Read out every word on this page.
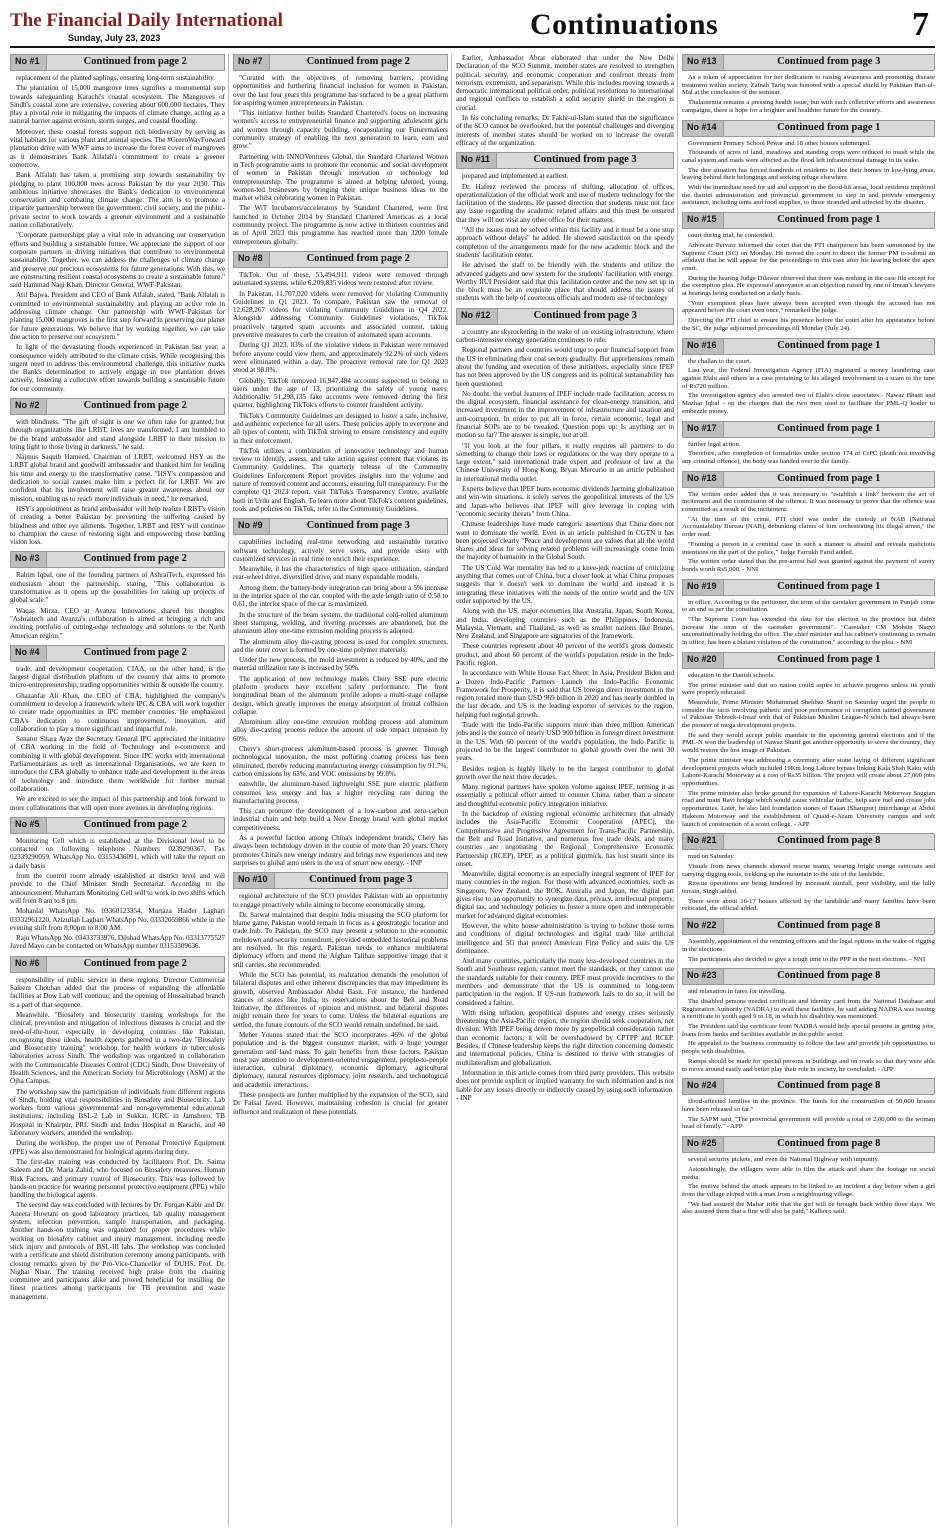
The Financial Daily International
Sunday, July 23, 2023	Continuations	7
No #1	Continued from page 2

replacement of the planted saplings, ensuring long-term sustainability.

The plantation of 15,000 mangrove trees signifies a monumental step towards safeguarding Karachi's coastal ecosystem. The Mangroves of Sindh's coastal zone are extensive, covering about 600,000 hectares. They play a pivotal role in mitigating the impacts of climate change, acting as a natural barrier against erosion, storm surges, and coastal flooding.

Moreover, these coastal forests support rich biodiversity by serving as vital habitats for various plant and animal species. The #GreenWayForward plantation drive with WWF aims to increase the forest cover of mangroves as it demonstrates Bank Alfalah's commitment to create a greener tomorrow.

Bank Alfalah has taken a promising step towards sustainability by pledging to plant 100,000 trees across Pakistan by the year 2030. This ambitious initiative showcases the Bank's dedication to environmental conservation and combating climate change. The aim is to promote a tripartite partnership between the government, civil society, and the public-private sector to work towards a greener environment and a sustainable nation collaboratively.

"Corporate partnerships play a vital role in advancing our conservation efforts and building a sustainable future. We appreciate the support of our corporate partners in driving initiatives that contribute to environmental sustainability. Together, we can address the challenges of climate change and preserve our precious ecosystems for future generations. With this, we are constructing resilient coastal ecosystems to create a sustainable future." said Hammad Naqi Khan, Director General, WWF-Pakistan.

Atif Bajwa, President and CEO of Bank Alfalah, stated, "Bank Alfalah is committed to environmental sustainability and playing an active role in addressing climate change. Our partnership with WWF-Pakistan for planting 15,000 mangroves is the first step forward in preserving our planet for future generations. We believe that by working together, we can take due action to preserve our ecosystem."

In light of the devastating floods experienced in Pakistan last year, a consequence widely attributed to the climate crisis. While recognising this urgent need to address this environmental challenge, this initiative marks the Bank's determination to actively engage in tree plantation drives actively, fostering a collective effort towards building a sustainable future for our community.

No #2	Continued from page 2

with blindness. "The gift of sight is one we often take for granted, but through organizations like LRBT, lives are transformed. I am humbled to be the brand ambassador and stand alongside LRBT in their mission to bring light to those living in darkness," he said.

Najmus Saquib Hameed, Chairman of LRBT, welcomed HSY as the LRBT global brand and goodwill ambassador and thanked him for lending his time and energy to the transformative cause. "HSY's compassion and dedication to social causes make him a perfect fit for LRBT. We are confident that his involvement will raise greater awareness about our mission, enabling us to reach more individuals in need," he remarked.

HSY's appointment as brand ambassador will help realize LRBT's vision of creating a better Pakistan by preventing the suffering caused by blindness and other eye ailments. Together, LRBT and HSY will continue to champion the cause of restoring sight and empowering those battling vision loss.

No #3	Continued from page 2

Rahim Iqbal, one of the founding partners of AshraiTech, expressed his enthusiasm about the partnership, stating, "This collaboration is transformative as it opens up the possibilities for taking up projects of global scale."

Waqas Mirza, CEO at Avanza Innovations shared his thoughts: "Ashraitech and Avanza's collaboration is aimed at bringing a rich and exciting portfolio of cutting-edge technology and solutions to the North American region."

No #4	Continued from page 2

trade, and development cooperation. CIAA, on the other hand, is the largest digital distribution platform of the country that aims to promote micro-entrepreneurship, trading opportunities within & outside the country.

Ghazanfar Ali Khan, the CEO of CBA, highlighted the company's commitment to develop a framework where IPC & CBA will work together to create trade opportunities in IPC member countries. He emphasized CBA's dedication to continuous improvement, innovation, and collaboration to play a more significant and impactful role.

Senator Sitara Ayaz the Secretary General IPC appreciated the initiative of CBA working in the field of Technology and e-commerce and combining it with global development. Since IPC works with international Parliamentarians as well as international Organisations, we are keen to introduce the CBA globally to enhance trade and development in the areas of technology and introduce them worldwide for further mutual collaboration.

We are excited to see the impact of this partnership and look forward to more collaborations that will open more avenues in developing regions.

No #5	Continued from page 2

Monitoring Cell which is established at the Divisional level to be contacted on following telephone Numbers 0239290367, Fax 02339290059, WhatsApp No. 03153436091, which will take the report on a daily basis

from the control room already established at district level and will provide to the Chief Minister Sindh Secretariat. According to the announcement, Muharram Monitoring Cell will to work in two shifts which will from 8 am to 8 pm.

Mohanlal WhatsApp No. 03360123354, Murtaza Haider Laghari 03332961220, Azizullah Laghari WhatsApp No. 03332059866 while in the evening shift from 8:00pm to 8:00 AM.

Raju WhatsApp No. 03433733976, Dilshad WhatsApp No. 03313775527 Javed Mayo can be contacted on WhatsApp number 03153309636.

No #6	Continued from page 2

responsibility of public service in these regions. Director Commercial Saleem Chouhan added that the process of expanding the affordable facilities at Dow Lab will continue, and the opening of Hussainabad branch is a part of that sequence.

Meanwhile, "Biosafety and biosecurity training workshops for the clinical, prevention and mitigation of infectious diseases is crucial and the need-of-the-hour, especially in developing countries like Pakistan, recognizing these ideals, health experts gathered in a two-day "Biosafety and Biosecurity training" workshop for health workers in tuberculosis laboratories across Sindh. The workshop was organized in collaboration with the Communicable Diseases Control (CDC) Sindh, Dow University of Health Sciences, and the American Society for Microbiology (ASM) at the Ojha Campus.

The workshop saw the participation of individuals from different regions of Sindh, holding vital responsibilities in Biosafety and Biosecurity. Lab workers from various governmental and non-governmental educational institutions, including BSL-2 Lab in Sukkar, ICRC in Jamshoro, TB Hospital in Khairpur, PRL Sindh and Indus Hospital in Karachi, and 40 laboratory workers, attended the workshop.

During the workshop, the proper use of Personal Protective Equipment (PPE) was also demonstrated for biological agents during duty.

The first-day training was conducted by facilitators Prof. Dr. Saima Saleem and Dr. Maria Zahid, who focused on Biosafety measures, Human Risk Factors, and primary control of Biosecurity. This was followed by hands-on practice for wearing personnel protective equipment (PPE) while handling the biological agents.

The second day was concluded with lectures by Dr. Furqan Kabir and Dr. Aneeta Howtani on good laboratory practices, lab quality management system, infection prevention, sample transportation, and packaging. Another hands-on training was organized for proper procedures while working on biosafety cabinet and injury management, including needle stick injury and protocols of BSL-III labs. The workshop was concluded with a certificate and shield distribution ceremony among participants, with closing remarks given by the Pro-Vice-Chancellor of DUHS, Prof. Dr. Nighat Nisar. The training received high praise from the chairing committee and participants alike and proved beneficial for instilling the finest practices among participants for TB prevention and waste management.

No #7	Continued from page 2

"Curated with the objectives of removing barriers, providing opportunities and furthering financial inclusion for women in Pakistan, over the last four years this programme has surfaced to be a great platform for aspiring women entrepreneurs in Pakistan.

"This initiative further builds Standard Chartered's focus on increasing women's access to entrepreneurial finance and supporting adolescent girls and women through capacity building, encapsulating our Futuremakers community strategy of enabling the next generation to learn, earn and grow."

Partnering with INNOVentures Global, the Standard Chartered Women in Tech programme aims to promote the economic and social development of women in Pakistan through innovation or technology led entrepreneurship. The programme is aimed at helping talented, young, women-led businesses by bringing their unique business ideas to the market whilst celebrating women in Pakistan.

The WiT Incubators/accelerators by Standard Chartered, were first launched in October 2014 by Standard Chartered Americas as a local community project. The programme is now active in thirteen countries and as of April 2023 this programme has reached more than 3200 female entrepreneurs globally.

No #8	Continued from page 2

TikTok. Out of these, 53,494,911 videos were removed through automated systems, while 6,209,835 videos were restored after review.

In Pakistan, 11,707,020 videos were removed for violating Community Guidelines in Q1 2023. To compare, Pakistan saw the removal of 12,628,267 videos for violating Community Guidelines in Q4 2022. Alongside addressing Community Guidelines violations, TikTok proactively targeted spam accounts and associated content, taking preventive measures to curb the creation of automated spam accounts.

During Q1 2023, 83% of the violative videos in Pakistan were removed before anyone could view them, and approximately 92.2% of such videos were eliminated within a day. The proactive removal rate for Q1 2023 stood at 98.8%.

Globally, TikTok removed 16,947,484 accounts suspected to belong to users under the age of 13, prioritizing the safety of young users. Additionally, 51,298,135 fake accounts were removed during the first quarter, highlighting TikTok's efforts to counter fraudulent activity.

TikTok's Community Guidelines are designed to foster a safe, inclusive, and authentic experience for all users. These policies apply to everyone and all types of content, with TikTok striving to ensure consistency and equity in their enforcement.

TikTok utilizes a combination of innovative technology and human review to identify, assess, and take action against content that violates its Community Guidelines. The quarterly release of the Community Guidelines Enforcement Report provides insights into the volume and nature of removed content and accounts, ensuring full transparency. For the complete Q1 2023 report, visit TikTok's Transparency Centre, available both in Urdu and English. To learn more about TikTok's content guidelines, tools and policies on TikTok, refer to the Community Guidelines.

No #9	Continued from page 3

capabilities including real-time networking and sustainable iterative software technology, actively serve users, and provide users with customized services in real time to enrich their experience.

Meanwhile, it has the characteristics of high space utilization, standard rear-wheel drive, diversified drive, and many expandable models.

Among them, the battery-body integration can bring about a 5% increase in the interior space of the car, coupled with the axle length ratio of 0.58 to 0.61, the interior space of the car is maximized.

In the structure of the beam system, the traditional cold-rolled aluminum sheet stamping, welding, and riveting processes are abandoned, but the aluminum alloy one-time extrusion molding process is adopted.

The aluminum alloy die-casting process is used for complex structures, and the outer cover is formed by one-time polymer materials.

Under the new process, the mold investment is reduced by 40%, and the material utilization rate is increased by 50%.

The application of new technology makes Chery SSE pure electric platform products have excellent safety performance. The front longitudinal beam of the aluminum profile adopts a multi-stage collapse design, which greatly improves the energy absorption of frontal collision collapse.

Aluminium alloy one-time extrusion molding process and aluminum alloy die-casting process reduce the amount of side impact intrusion by 60%.

Chery's short-process aluminum-based process is greener. Through technological innovation, the most polluting coating process has been eliminated, thereby reducing manufacturing energy consumption by 91.7%, carbon emissions by 63%, and VOC emissions by 99.8%.

eanwhile, the aluminum-based lightweight SSE pure electric platform consumes less energy and has a higher recycling rate during the manufacturing process.

This can promote the development of a low-carbon and zero-carbon industrial chain and help build a New Energy brand with global market competitiveness.

As a powerful faction among China's independent brands, Chery has always been technology driven in the course of more than 20 years. Chery promotes China's new energy industry and brings new experiences and new surprises to global auto users in the era of smart new energy. - INP

No #10	Continued from page 3

regional architecture of the SCO provides Pakistan with an opportunity to engage proactively while aiming to become economically strong.

Dr. Sarwat maintained that despite India misusing the SCO platform for blame game, Pakistan would remain in focus as a geostrategic location and trade hub. To Pakistan, the SCO may present a solution to the economic meltdown and security conundrum, provided embedded historical problems are resolved. In this regard, Pakistan needs to enhance multilateral diplomacy efforts and mend the Afghan Taliban supportive image that it still carries, she recommended.

While the SCO has potential, its realization demands the resolution of bilateral disputes and other inherent discrepancies that may impediment its growth, observed Ambassador Abdul Basit. For instance, the hardened stances of states like India, its reservations about the Belt and Road Initiative, the differences of opinion and mistrust, and bilateral disputes might remain there for years to come. Unless the bilateral equations are settled, the future contours of the SCO would remain undefined, he said.

Meher Younus stated that the SCO incorporates 46% of the global population and is the biggest consumer market, with a huge younger generation and land mass. To gain benefits from these factors, Pakistan must pay attention to development-oriented engagement, people-to-people interaction, cultural diplomacy, economic diplomacy, agricultural diplomacy, natural resources diplomacy, joint research, and technological and academic interactions.

These prospects are further multiplied by the expansion of the SCO, said Dr Faisal Javed. However, maintaining cohesion is crucial for greater influence and realization of these potentials.

Earlier, Ambassador Abrar elaborated that under the New Delhi Declaration of the SCO Summit, member states are resolved to strengthen political, security, and economic cooperation and confront threats from terrorism, extremism, and separatism. While this includes moving towards a democratic international political order, political resolutions to international and regional conflicts to establish a solid security shield in the region is crucial.

In his concluding remarks, Dr Fakhr-ul-Islam stated that the significance of the SCO cannot be overlooked, but the potential challenges and diverging interests of member states should be worked on to increase the overall efficacy of the organization.

No #11	Continued from page 3

prepared and implemented at earliest.

Dr. Hafeez reviewed the process of shifting, allocation of offices, operationalization of the official work and use of modern technology for the facilitation of the students. He passed direction that students must not face any issue regarding the academic related affairs and this must be ensured that they will not visit any other office for their matters.

"All the issues must be solved within this facility and it must be a one stop approach without delays" he added. He showed satisfaction on the speedy completion of the arrangements made for the new academic block and the students' facilitation center.

He advised the staff to be friendly with the students and utilize the advanced gadgets and new system for the students' facilitation with energy. Worthy IIUI President said that this facilitation center and the new set up in the block must be an exquisite place that should address the issues of students with the help of courteous officials and modern use of technology

No #12	Continued from page 3

a country are skyrocketing in the wake of on existing infrastructure, where carbon-intensive energy generation continues to rule.

Regional partners and countries would urge to pour financial support from the US in eliminating their coal sectors gradually. But apprehensions remain about the funding and execution of these initiatives, especially since IPEF has not been approved by the US congress and its political sustainability has been questioned.

No doubt, the verbal features of IPEF include trade facilitation, access to the digital ecosystem, financial assistance for clean-energy transition, and increased investment in the improvement of infrastructure and taxation and anti-corruption. In order to put all in force, certain economic, legal and financial SOPs are to be tweaked. Question pops up: Is anything set in motion so far? The answer is simple, not at all.

"If you look at the four pillars, it really requires all partners to do something to change their laws or regulations or the way they operate to a large extent," said international trade expert and professor of law at the Chinese University of Hong Kong, Bryan Mercurio in an article published in international media outlet.

Experts believe that IPEF hurts economic dividends harming globalization and win-win situations, it solely serves the geopolitical interests of the US and Japan-who believes that IPEF will give leverage in coping with "economic security threats" from China.

Chinese leaderships have made categoric assertions that China does not want to dominate the world. Even in an article published in CGTN it has been projected clearly "Peace and development are values that all the world shares and ideas for solving related problems will increasingly come from the majority of humanity in the Global South.

The US Cold War mentality has led to a knee-jerk reaction of criticizing anything that comes out of China, but a closer look at what China proposes suggests that it doesn't seek to dominate the world and instead it is integrating these initiatives with the needs of the entire world and the UN order supported by the US.

Along with the US, major economies like Australia, Japan, South Korea, and India, developing countries such as the Philippines, Indonesia, Malaysia, Vietnam, and Thailand, as well as smaller nations like Brunei, New Zealand, and Singapore are signatories of the framework.

These countries represent about 40 percent of the world's gross domestic product, and about 60 percent of the world's population reside in the Indo-Pacific region.

In accordance with White House Fact Sheet: In Asia, President Biden and a Dozen Indo-Pacific Partners Launch the Indo-Pacific Economic Framework for Prosperity, it is said that US foreign direct investment in the region totaled more than USD 969 billion in 2020 and has nearly doubled in the last decade, and US is the leading exporter of services to the region, helping fuel regional growth.

Trade with the Indo-Pacific supports more than three million American jobs and is the source of nearly USD 900 billion in foreign direct investment in the US. With 60 percent of the world's population, the Indo Pacific is projected to be the largest contributor to global growth over the next 30 years.

Besides region is highly likely to be the largest contributor to global growth over the next three decades.

Many regional partners have spoken volume against IPEF, terming it as essentially a political effort aimed to counter China, rather than a sincere and thoughtful economic policy integration initiative.

In the backdrop of existing regional economic architecture that already includes the Asia-Pacific Economic Cooperation (APEC), the Comprehensive and Progressive Agreement for Trans-Pacific Partnership, the Belt and Road Initiative, and numerous free trade deals, and many countries are negotiating the Regional Comprehensive Economic Partnership (RCEP), IPEF, as a political gimmick, has lost steam since its onset.

Meanwhile, digital economy is an especially integral segment of IPEF for many countries in the region. For those with advanced economies, such as Singapore, New Zealand, the ROK, Australia and Japan, the digital part gives rise to an opportunity to synergize data, privacy, intellectual property, digital tax, and technology policies to foster a more open and interoperable market for advanced digital economies.

However, the white house administration is trying to bolster those terms and conditions of digital technologies and digital trade like artificial intelligence and 5G that protect American First Policy and suits the US dominance.

And many countries, particularly the many less-developed countries in the South and Southeast region, cannot meet the standards, or they cannot use the standards suitable for their country. IPEF must provide incentives to the members and demonstrate that the US is committed to long-term participation in the region. If US-run framework fails to do so, it will be considered a failure.

With rising inflation, geopolitical disputes and energy crises seriously threatening the Asia-Pacific region, the region should seek cooperation, not division. With IPEF being driven more by geopolitical consideration rather than economic factors, it will be overshadowed by CPTPP and RCEP. Besides, if Chinese leadership keeps the right direction concerning domestic and international policies, China is destined to thrive with strategies of multilateralism and globalization.

Information in this article comes from third party providers. This website does not provide explicit or implied warranty for such information and is not liable for any losses directly or indirectly caused by using such information. - INP

No #13	Continued from page 3

As a token of appreciation for her dedication to raising awareness and promoting disease treatment within society, Zainab Tariq was honored with a special shield by Pakistan Bait-ul-Mal at the conclusion of the seminar.

Thalassemia remains a pressing health issue, but with such collective efforts and awareness campaigns, there is hope for a brighter and healthier future for the country.

No #14	Continued from page 1

Government Primary School Pewar and 18 other houses submerged.

Thousands of acres of land, meadows and standing crops were reduced to mush while the canal system and roads were affected as the flood left infrastructural damage in its wake.

The dire situation has forced hundreds of residents to flee their homes in low-lying areas, leaving behind their belongings and seeking refuge elsewhere.

With the immediate need for aid and support in the flood-hit areas, local residents implored the district administration and provincial government to step in and provide emergency assistance, including tents and food supplies, to those stranded and affected by the disaster.

No #15	Continued from page 1

court during trial, he contended.

Advocate Pervaiz informed the court that the PTI chairperson has been summoned by the Supreme Court (SC) on Monday. He moved the court to direct the former PM to submit an affidavit that he will appear for the proceedings in this case after his hearing before the apex court.

During the hearing Judge Dilawar observed that there was nothing in the case file except for the exemption plea. He expressed annoyance at an objection raised by one of Imran's lawyers at hearings being conducted on a daily basis.

"Your exemption pleas have always been accepted even though the accused has not appeared before the court even once," remarked the judge.

Directing the PTI chief to ensure his presence before the court after his appearance before the SC, the judge adjourned proceedings till Monday (July 24).

No #16	Continued from page 1

the challan to the court.

Last year, the Federal Investigation Agency (FIA) registered a money laundering case against Elahi and others in a case pertaining to his alleged involvement in a scam to the tune of Rs720 million.

The investigation agency also arrested two of Elahi's close associates - Nawaz Bhatti and Mazhar Iqbal - on the charges that the two men used to facilitate the PML-Q leader to embezzle money.

No #17	Continued from page 1

further legal action.

Therefore, after completion of formalities under section 174 of CrPC (death not involving any criminal offence), the body was handed over to the family.

No #18	Continued from page 1

The written order added that it was necessary to "establish a link" between the act of incitement and the commission of the offence. It was necessary to prove that the offence was committed as a result of the incitement.

"At the time of the crime, PTI chief was under the custody of NAB [National Accountability Bureau (NAB), debunking claims of him orchestrating his illegal arrest," the order read.

"Framing a person in a criminal case in such a manner is absurd and reveals malicious intentions on the part of the police," Judge Farrukh Farid added.

The written order stated that the pre-arrest bail was granted against the payment of surety bonds worth Rs5,000. - NNI

No #19	Continued from page 1

in office. According to the petitioner, the term of the caretaker government in Punjab come to an end as per the constitution.

"The Supreme Court has extended the date for the election in the province but didn't increase the term of the caretaker government". "Caretaker CM Mohsin Naqvi unconstitutionally holding the office. The chief minister and his cabinet's continuing to remain in office, has been a blatant violation of the constitution," according to the plea. - NNI

No #20	Continued from page 1

education in the Danish schools.

The prime minister said that no nation could aspire to achieve progress unless its youth were properly educated.

Meanwhile, Prime Minister Muhammad Shehbaz Sharif on Saturday urged the people to consider the facts involving pathetic and poor performance of corruption tainted government of Pakistan Tehreek-i-Insaf with that of Pakistan Muslim League-N which had always been the pioneer of mega development projects.

He said they would accept public mandate in the upcoming general elections and if the PML-N won the leadership of Nawaz Sharif got another opportunity to serve the country, they would restore the lost image of Pakistan.

The prime minister was addressing a ceremony after stone laying of different significant development projects which included 19Km long Lahore bypass linking Kala Shah Kaku with Lahore-Karachi Motorway at a cost of Rs35 billion. The project will create about 27,000 jobs opportunities.

The prime minister also broke ground for expansion of Lahore-Karachi Motorway Saggian road and main Ravi bridge which would cause vehicular traffic, help save fuel and create jobs opportunities. Later, he also laid foundation stones of Easan (Sharqpur) interchange at Abdul Hakeem Motorway and the establishment of Quaid-e-Azam University campus and soft launch of construction of a scout college. - APP

No #21	Continued from page 8

mud on Saturday.

Visuals from news channels showed rescue teams, wearing bright orange raincoats and carrying digging tools, trekking up the mountain to the site of the landslide.

Rescue operations are being hindered by incessant rainfall, poor visibility, and the hilly terrain, Singh added.

There were about 16-17 houses affected by the landslide and many families have been relocated, the official added.

No #22	Continued from page 8

Assembly, appointment of the returning officers and the legal options in the wake of rigging in the elections.

The participants also decided to give a tough time to the PPP in the next elections. - NNI

No #23	Continued from page 8

and relaxation in fares for travelling.

The disabled persons needed certificate and identity card from the National Database and Registration Authority (NADRA) to avail these facilities, he said adding NADRA was issuing a certificate to youth aged 9 to 18, in which his disability was mentioned.

The President said the certificate from NADRA would help special persons in getting jobs, loans from banks and facilities available in the public sector.

He appealed to the business community to follow the law and provide job opportunities to people with disabilities.

Ramps should be made for special persons in buildings and on roads so that they were able to move around easily and better play their role in society, he concluded. - APP

No #24	Continued from page 8

flood-affected families in the province. The funds for the construction of 50,000 houses have been released so far."

The SAPM said, "The provincial government will provide a total of 2,00,000 to the woman head of family." - APP

No #25	Continued from page 8

several security pickets, and even the National Highway with impunity.

Astonishingly, the villagers were able to film the attack and share the footage on social media.

The motive behind the attack appears to be linked to an incident a day before when a girl from the village eloped with a man from a neighbouring village.

"We had assured the Mahar tribe that the girl will be brought back within three days. We also assured them that a fine will also be paid," Kalhoro said.
